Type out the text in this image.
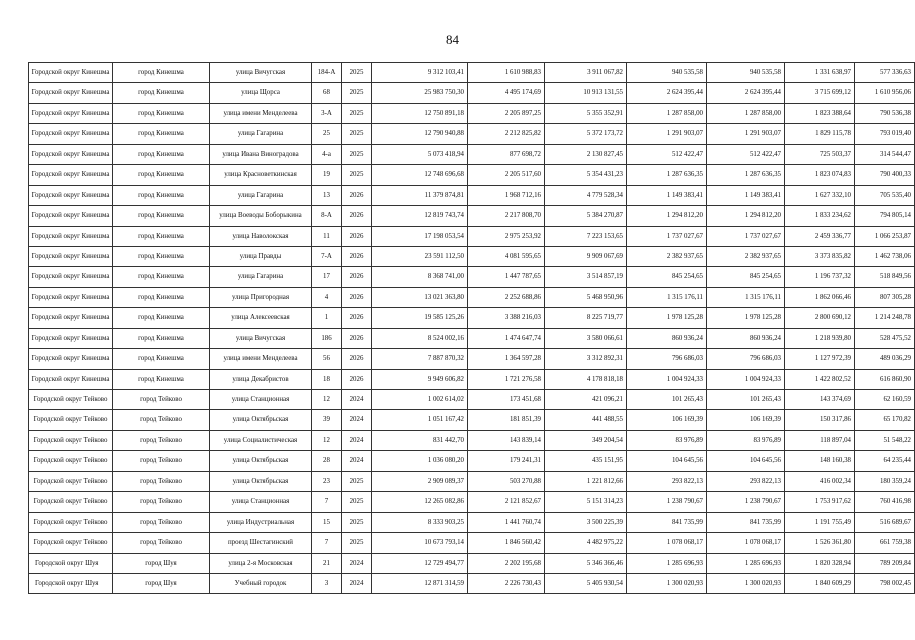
84
Городской округ Кинешма	город Кинешма	улица Вичугская	184-А	2025	9 312 103,41	1 610 988,83	3 911 067,82	940 535,58	940 535,58	1 331 638,97	577 336,63
Городской округ Кинешма	город Кинешма	улица Щорса	68	2025	25 983 750,30	4 495 174,69	10 913 131,55	2 624 395,44	2 624 395,44	3 715 699,12	1 610 956,06
Городской округ Кинешма	город Кинешма	улица имени Менделеева	3-А	2025	12 750 891,18	2 205 897,25	5 355 352,91	1 287 858,00	1 287 858,00	1 823 388,64	790 536,38
Городской округ Кинешма	город Кинешма	улица Гагарина	25	2025	12 790 940,88	2 212 825,82	5 372 173,72	1 291 903,07	1 291 903,07	1 829 115,78	793 019,40
Городской округ Кинешма	город Кинешма	улица Ивана Виноградова	4-а	2025	5 073 418,94	877 698,72	2 130 827,45	512 422,47	512 422,47	725 503,37	314 544,47
Городской округ Кинешма	город Кинешма	улица Красноветкинская	19	2025	12 748 696,68	2 205 517,60	5 354 431,23	1 287 636,35	1 287 636,35	1 823 074,83	790 400,33
Городской округ Кинешма	город Кинешма	улица Гагарина	13	2026	11 379 874,81	1 968 712,16	4 779 528,34	1 149 383,41	1 149 383,41	1 627 332,10	705 535,40
Городской округ Кинешма	город Кинешма	улица Воеводы Боборыкина	8-А	2026	12 819 743,74	2 217 808,70	5 384 270,87	1 294 812,20	1 294 812,20	1 833 234,62	794 805,14
Городской округ Кинешма	город Кинешма	улица Наволокская	11	2026	17 198 053,54	2 975 253,92	7 223 153,65	1 737 027,67	1 737 027,67	2 459 336,77	1 066 253,87
Городской округ Кинешма	город Кинешма	улица Правды	7-А	2026	23 591 112,50	4 081 595,65	9 909 067,69	2 382 937,65	2 382 937,65	3 373 835,82	1 462 738,06
Городской округ Кинешма	город Кинешма	улица Гагарина	17	2026	8 368 741,00	1 447 787,65	3 514 857,19	845 254,65	845 254,65	1 196 737,32	518 849,56
Городской округ Кинешма	город Кинешма	улица Пригородная	4	2026	13 021 363,80	2 252 688,86	5 468 950,96	1 315 176,11	1 315 176,11	1 862 066,46	807 305,28
Городской округ Кинешма	город Кинешма	улица Алексеевская	1	2026	19 585 125,26	3 388 216,03	8 225 719,77	1 978 125,28	1 978 125,28	2 800 690,12	1 214 248,78
Городской округ Кинешма	город Кинешма	улица Вичугская	186	2026	8 524 002,16	1 474 647,74	3 580 066,61	860 936,24	860 936,24	1 218 939,80	528 475,52
Городской округ Кинешма	город Кинешма	улица имени Менделеева	56	2026	7 887 870,32	1 364 597,28	3 312 892,31	796 686,03	796 686,03	1 127 972,39	489 036,29
Городской округ Кинешма	город Кинешма	улица Декабристов	18	2026	9 949 606,82	1 721 276,58	4 178 818,18	1 004 924,33	1 004 924,33	1 422 802,52	616 860,90
Городской округ Тейково	город Тейково	улица Станционная	12	2024	1 002 614,02	173 451,68	421 096,21	101 265,43	101 265,43	143 374,69	62 160,59
Городской округ Тейково	город Тейково	улица Октябрьская	39	2024	1 051 167,42	181 851,39	441 488,55	106 169,39	106 169,39	150 317,86	65 170,82
Городской округ Тейково	город Тейково	улица Социалистическая	12	2024	831 442,70	143 839,14	349 204,54	83 976,89	83 976,89	118 897,04	51 548,22
Городской округ Тейково	город Тейково	улица Октябрьская	28	2024	1 036 080,20	179 241,31	435 151,95	104 645,56	104 645,56	148 160,38	64 235,44
Городской округ Тейково	город Тейково	улица Октябрьская	23	2025	2 909 089,37	503 270,88	1 221 812,66	293 822,13	293 822,13	416 002,34	180 359,24
Городской округ Тейково	город Тейково	улица Станционная	7	2025	12 265 082,86	2 121 852,67	5 151 314,23	1 238 790,67	1 238 790,67	1 753 917,62	760 416,98
Городской округ Тейково	город Тейково	улица Индустриальная	15	2025	8 333 903,25	1 441 760,74	3 500 225,39	841 735,99	841 735,99	1 191 755,49	516 689,67
Городской округ Тейково	город Тейково	проезд Шестагинский	7	2025	10 673 793,14	1 846 560,42	4 482 975,22	1 078 068,17	1 078 068,17	1 526 361,80	661 759,38
Городской округ Шуя	город Шуя	улица 2-я Московская	21	2024	12 729 494,77	2 202 195,68	5 346 366,46	1 285 696,93	1 285 696,93	1 820 328,94	789 209,84
Городской округ Шуя	город Шуя	Учебный городок	3	2024	12 871 314,59	2 226 730,43	5 405 930,54	1 300 020,93	1 300 020,93	1 840 609,29	798 002,45
